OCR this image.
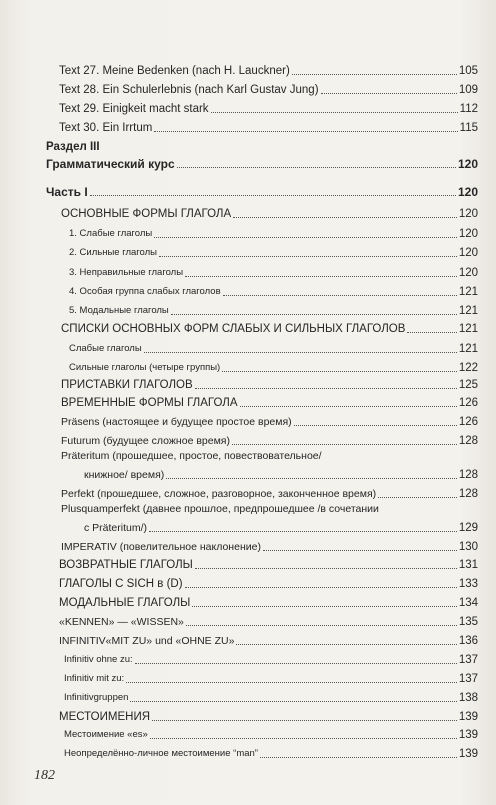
Text 27. Meine Bedenken (nach H. Lauckner)	105
Text 28. Ein Schulerlebnis (nach Karl Gustav Jung)	109
Text 29. Einigkeit macht stark	112
Text 30. Ein Irrtum	115
Раздел III
Грамматический курс	120
Часть I	120
ОСНОВНЫЕ ФОРМЫ ГЛАГОЛА	120
1. Слабые глаголы	120
2. Сильные глаголы	120
3. Неправильные глаголы	120
4. Особая группа слабых глаголов	121
5. Модальные глаголы	121
СПИСКИ ОСНОВНЫХ ФОРМ СЛАБЫХ И СИЛЬНЫХ ГЛАГОЛОВ	121
Слабые глаголы	121
Сильные глаголы (четыре группы)	122
ПРИСТАВКИ ГЛАГОЛОВ	125
ВРЕМЕННЫЕ ФОРМЫ ГЛАГОЛА	126
Präsens (настоящее и будущее простое время)	126
Futurum (будущее сложное время)	128
Präteritum (прошедшее, простое, повествовательное/
книжное/ время)	128
Perfekt (прошедшее, сложное, разговорное, законченное время)	128
Plusquamperfekt (давнее прошлое, предпрошедшее /в сочетании
с Präteritum/)	129
IMPERATIV (повелительное наклонение)	130
ВОЗВРАТНЫЕ ГЛАГОЛЫ	131
ГЛАГОЛЫ С SICH в (D)	133
МОДАЛЬНЫЕ ГЛАГОЛЫ	134
«KENNEN» — «WISSEN»	135
INFINITIV«MIT ZU» und «OHNE ZU»	136
Infinitiv ohne zu:	137
Infinitiv mit zu:	137
Infinitivgruppen	138
МЕСТОИМЕНИЯ	139
Местоимение «es»	139
Неопределённо-личное местоимение “man”	139
182
